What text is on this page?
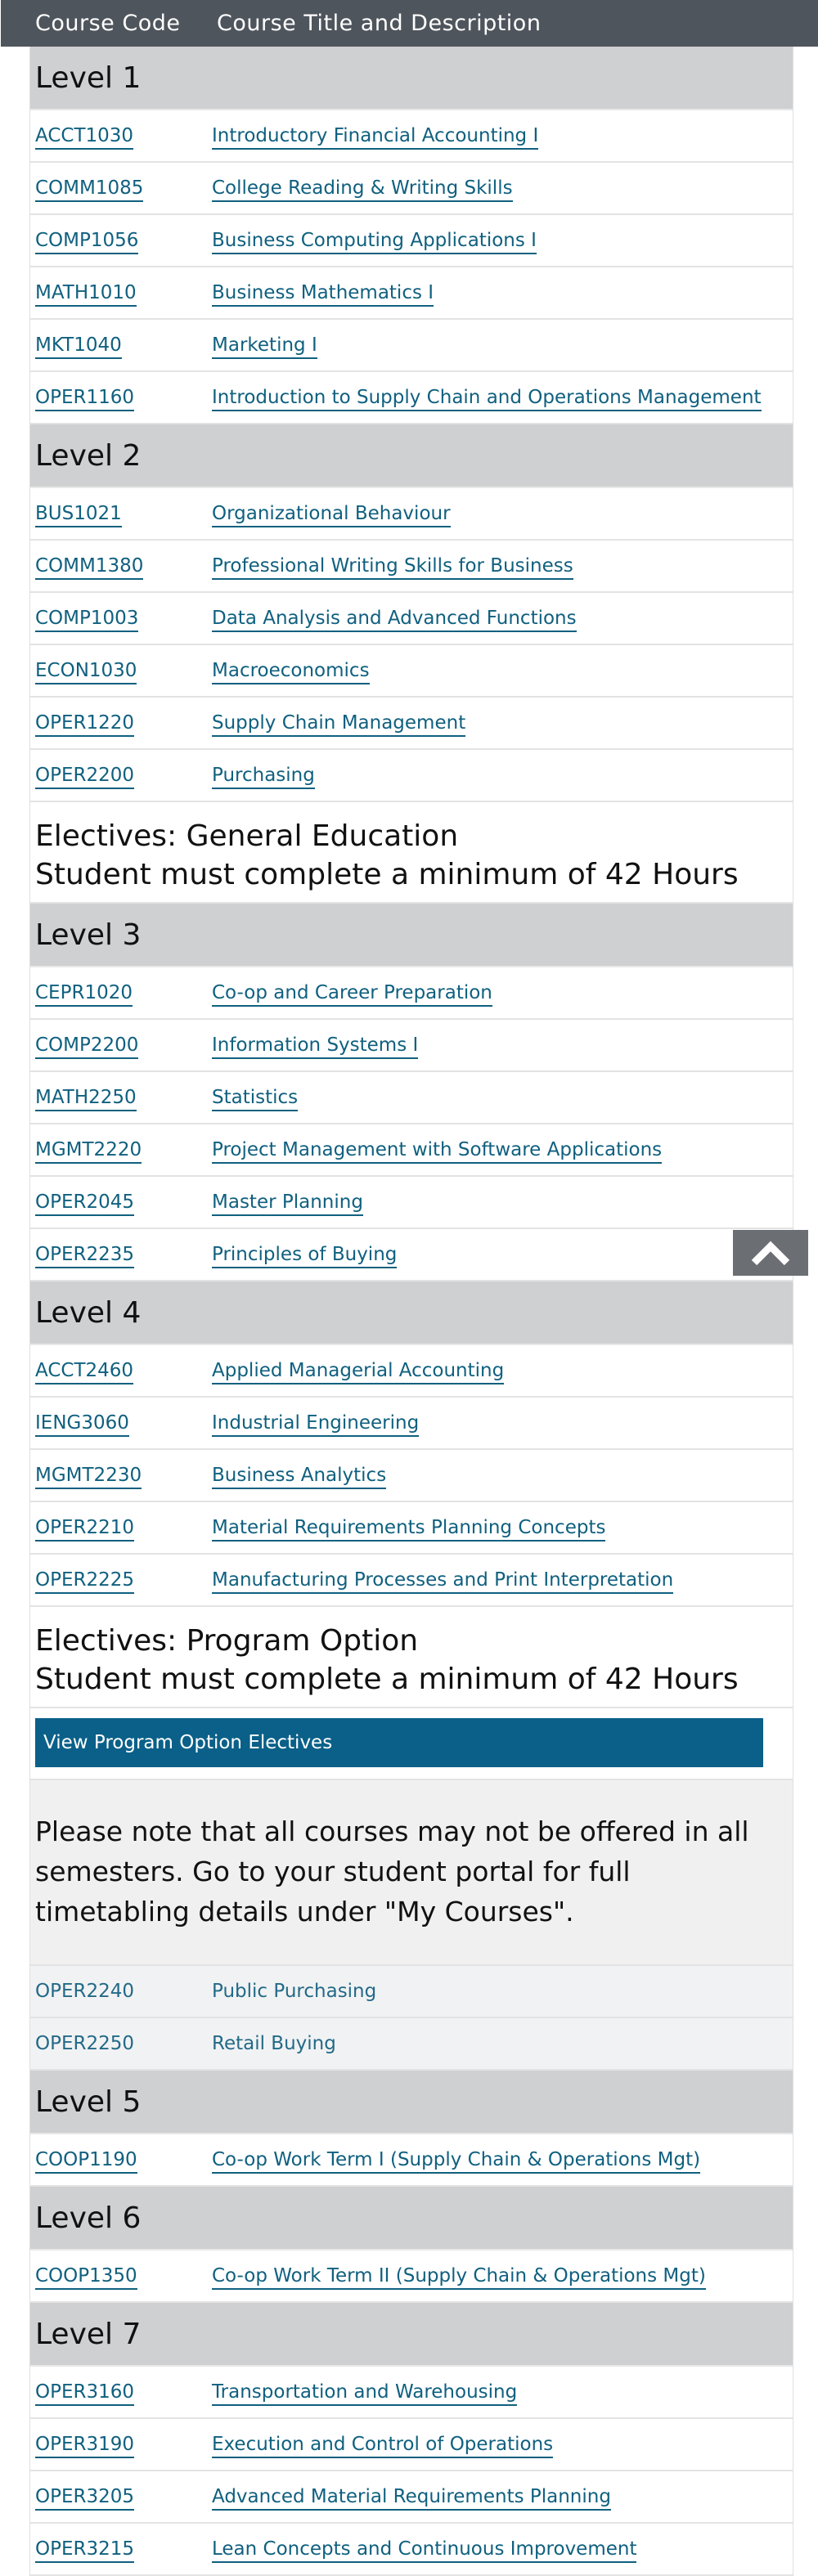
Course Code	Course Title and Description
Level 1
ACCT1030	Introductory Financial Accounting I
COMM1085	College Reading & Writing Skills
COMP1056	Business Computing Applications I
MATH1010	Business Mathematics I
MKT1040	Marketing I
OPER1160	Introduction to Supply Chain and Operations Management
Level 2
BUS1021	Organizational Behaviour
COMM1380	Professional Writing Skills for Business
COMP1003	Data Analysis and Advanced Functions
ECON1030	Macroeconomics
OPER1220	Supply Chain Management
OPER2200	Purchasing
Electives: General Education
Student must complete a minimum of 42 Hours
Level 3
CEPR1020	Co-op and Career Preparation
COMP2200	Information Systems I
MATH2250	Statistics
MGMT2220	Project Management with Software Applications
OPER2045	Master Planning
OPER2235	Principles of Buying
Level 4
ACCT2460	Applied Managerial Accounting
IENG3060	Industrial Engineering
MGMT2230	Business Analytics
OPER2210	Material Requirements Planning Concepts
OPER2225	Manufacturing Processes and Print Interpretation
Electives: Program Option
Student must complete a minimum of 42 Hours
View Program Option Electives
Please note that all courses may not be offered in all semesters. Go to your student portal for full timetabling details under "My Courses".
OPER2240	Public Purchasing
OPER2250	Retail Buying
Level 5
COOP1190	Co-op Work Term I (Supply Chain & Operations Mgt)
Level 6
COOP1350	Co-op Work Term II (Supply Chain & Operations Mgt)
Level 7
OPER3160	Transportation and Warehousing
OPER3190	Execution and Control of Operations
OPER3205	Advanced Material Requirements Planning
OPER3215	Lean Concepts and Continuous Improvement
